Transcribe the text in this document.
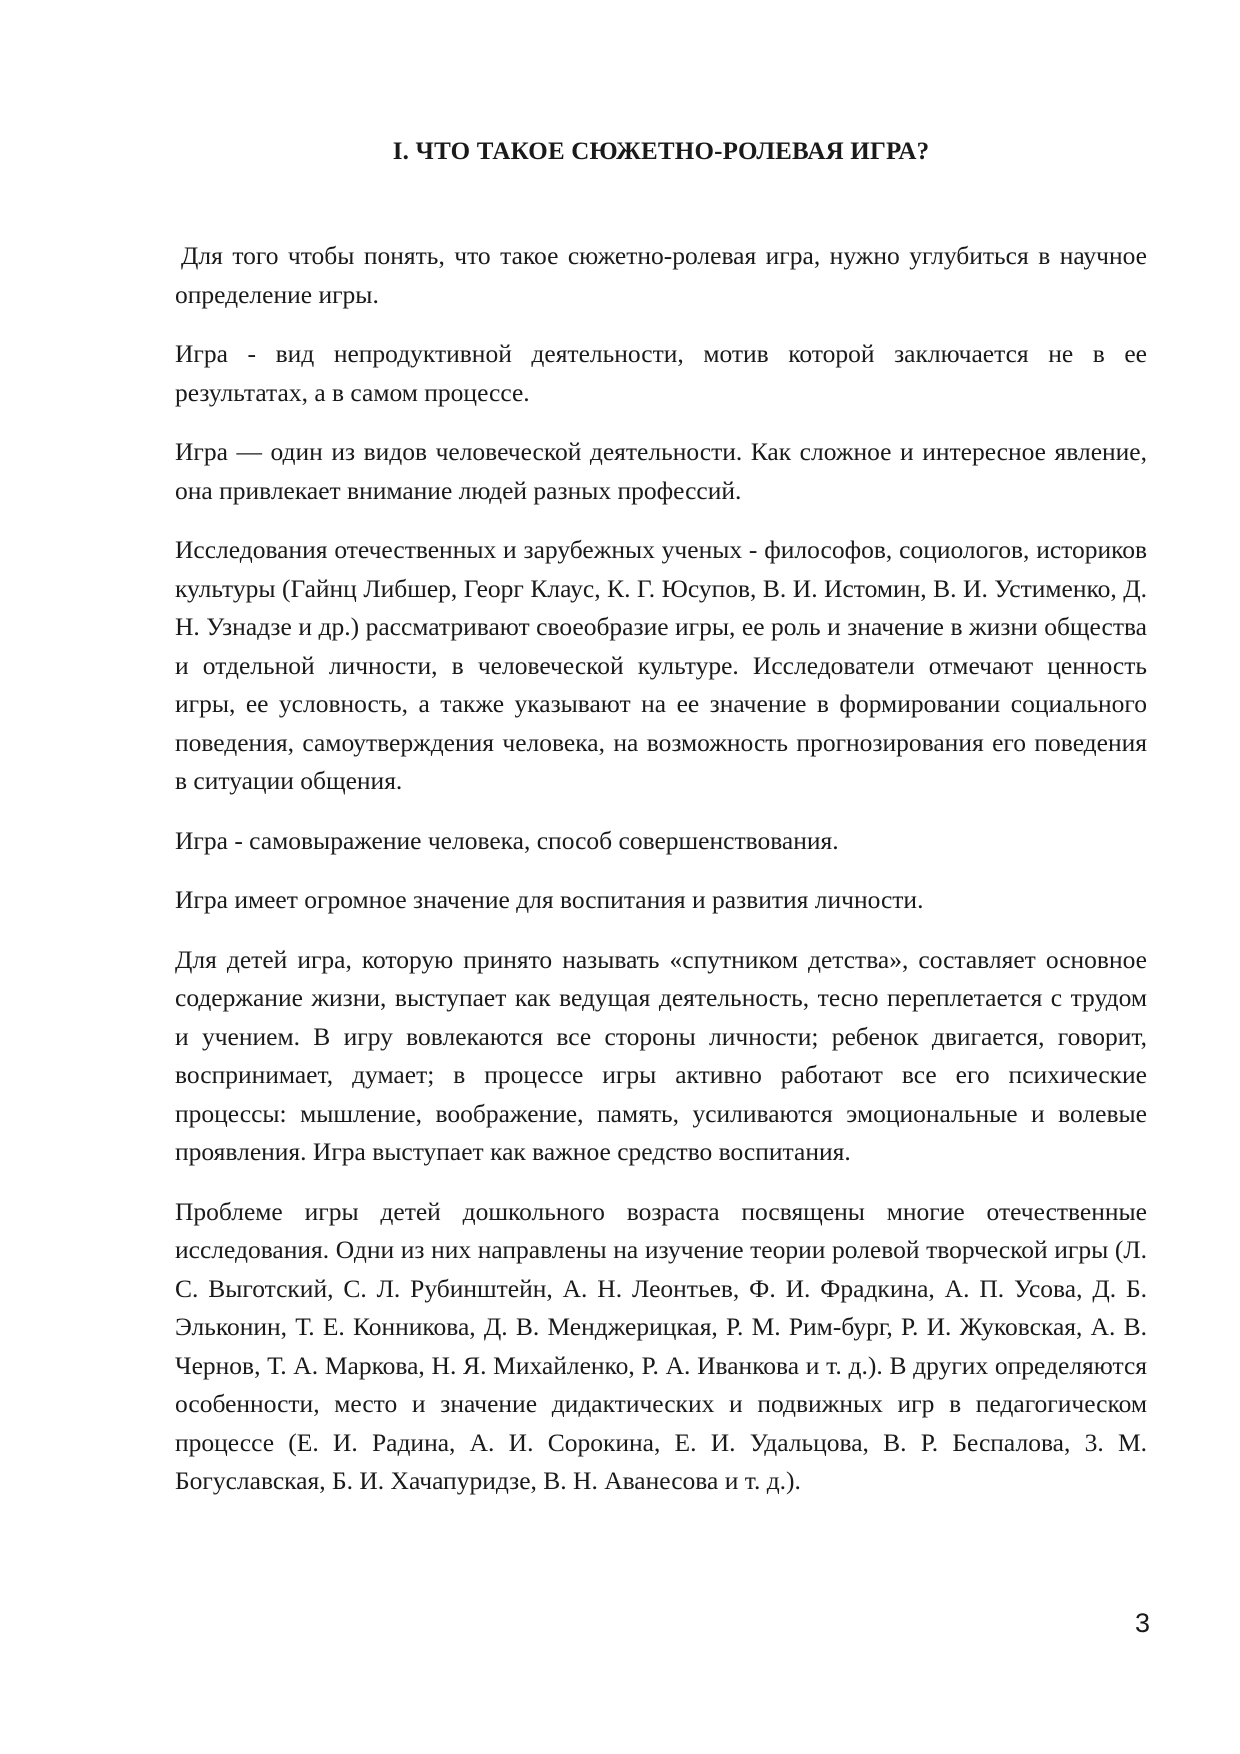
I. ЧТО ТАКОЕ СЮЖЕТНО-РОЛЕВАЯ ИГРА?

Для того чтобы понять, что такое сюжетно-ролевая игра, нужно углубиться в научное определение игры.

Игра - вид непродуктивной деятельности, мотив которой заключается не в ее результатах, а в самом процессе.

Игра — один из видов человеческой деятельности. Как сложное и интересное явление, она привлекает внимание людей разных профессий.

Исследования отечественных и зарубежных ученых - философов, социологов, историков культуры (Гайнц Либшер, Георг Клаус, К. Г. Юсупов, В. И. Истомин, В. И. Устименко, Д. Н. Узнадзе и др.) рассматривают своеобразие игры, ее роль и значение в жизни общества и отдельной личности, в человеческой культуре. Исследователи отмечают ценность игры, ее условность, а также указывают на ее значение в формировании социального поведения, самоутверждения человека, на возможность прогнозирования его поведения в ситуации общения.

Игра - самовыражение человека, способ совершенствования.

Игра имеет огромное значение для воспитания и развития личности.

Для детей игра, которую принято называть «спутником детства», составляет основное содержание жизни, выступает как ведущая деятельность, тесно переплетается с трудом и учением. В игру вовлекаются все стороны личности; ребенок двигается, говорит, воспринимает, думает; в процессе игры активно работают все его психические процессы: мышление, воображение, память, усиливаются эмоциональные и волевые проявления. Игра выступает как важное средство воспитания.

Проблеме игры детей дошкольного возраста посвящены многие отечественные исследования. Одни из них направлены на изучение теории ролевой творческой игры (Л. С. Выготский, С. Л. Рубинштейн, А. Н. Леонтьев, Ф. И. Фрадкина, А. П. Усова, Д. Б. Эльконин, Т. Е. Конникова, Д. В. Менджерицкая, Р. М. Рим-бург, Р. И. Жуковская, А. В. Чернов, Т. А. Маркова, Н. Я. Михайленко, Р. А. Иванкова и т. д.). В других определяются особенности, место и значение дидактических и подвижных игр в педагогическом процессе (Е. И. Радина, А. И. Сорокина, Е. И. Удальцова, В. Р. Беспалова, 3. М. Богуславская, Б. И. Хачапуридзе, В. Н. Аванесова и т. д.).

3
